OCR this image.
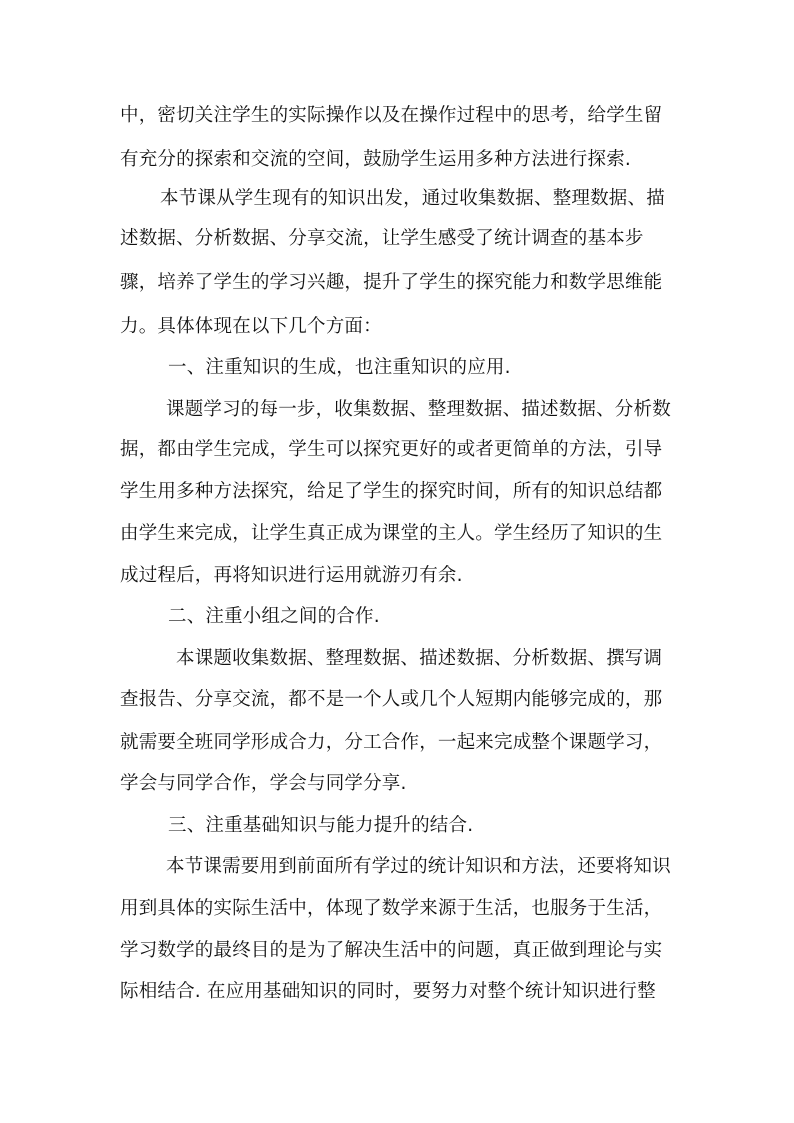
中，密切关注学生的实际操作以及在操作过程中的思考，给学生留
有充分的探索和交流的空间，鼓励学生运用多种方法进行探索.
本节课从学生现有的知识出发，通过收集数据、整理数据、描
述数据、分析数据、分享交流，让学生感受了统计调查的基本步
骤，培养了学生的学习兴趣，提升了学生的探究能力和数学思维能
力。具体体现在以下几个方面：
一、注重知识的生成，也注重知识的应用.
课题学习的每一步，收集数据、整理数据、描述数据、分析数
据，都由学生完成，学生可以探究更好的或者更简单的方法，引导
学生用多种方法探究，给足了学生的探究时间，所有的知识总结都
由学生来完成，让学生真正成为课堂的主人。学生经历了知识的生
成过程后，再将知识进行运用就游刃有余.
二、注重小组之间的合作.
本课题收集数据、整理数据、描述数据、分析数据、撰写调
查报告、分享交流，都不是一个人或几个人短期内能够完成的，那
就需要全班同学形成合力，分工合作，一起来完成整个课题学习，
学会与同学合作，学会与同学分享.
三、注重基础知识与能力提升的结合.
本节课需要用到前面所有学过的统计知识和方法，还要将知识
用到具体的实际生活中，体现了数学来源于生活，也服务于生活，
学习数学的最终目的是为了解决生活中的问题，真正做到理论与实
际相结合. 在应用基础知识的同时，要努力对整个统计知识进行整
